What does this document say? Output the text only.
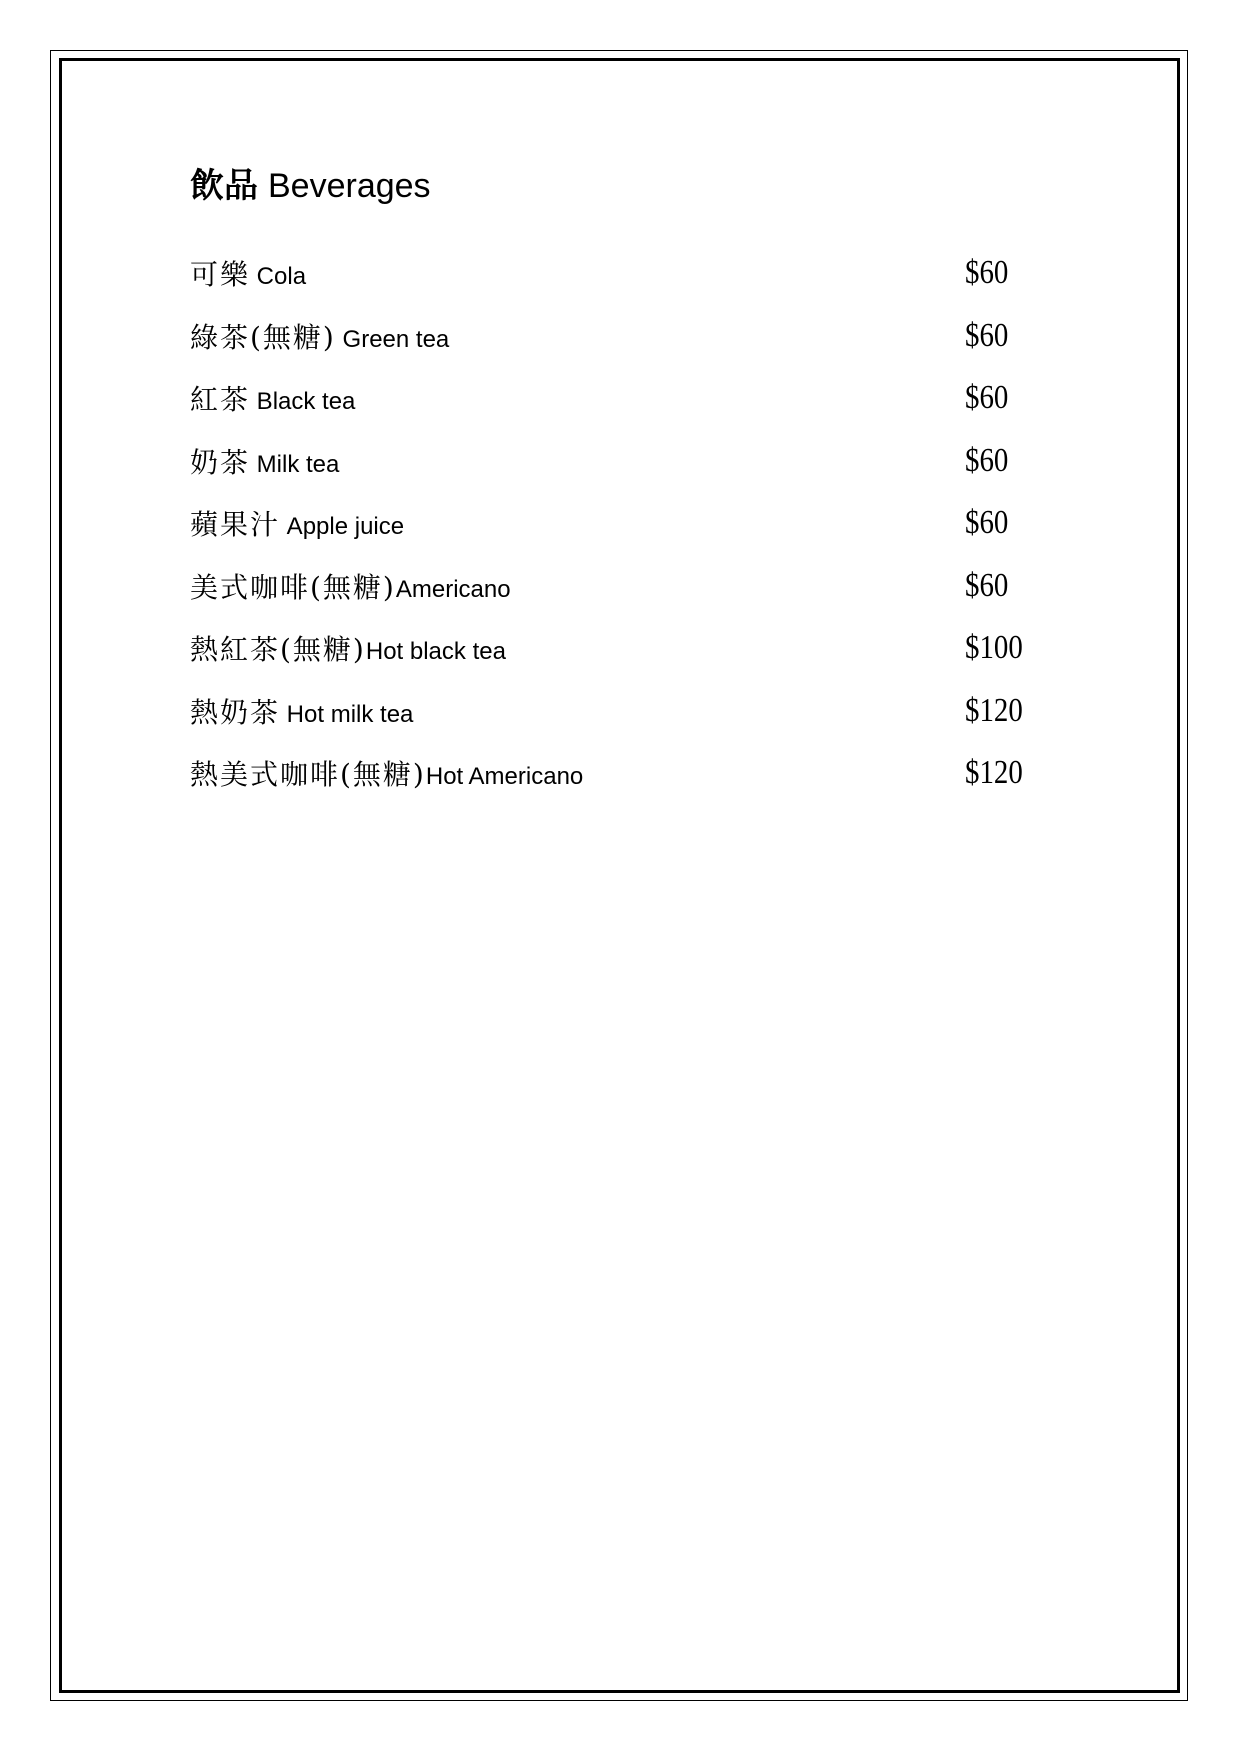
飲品 Beverages
可樂 Cola	$60
綠茶(無糖) Green tea	$60
紅茶 Black tea	$60
奶茶 Milk tea	$60
蘋果汁 Apple juice	$60
美式咖啡(無糖)Americano	$60
熱紅茶(無糖)Hot black tea	$100
熱奶茶 Hot milk tea	$120
熱美式咖啡(無糖)Hot Americano	$120
